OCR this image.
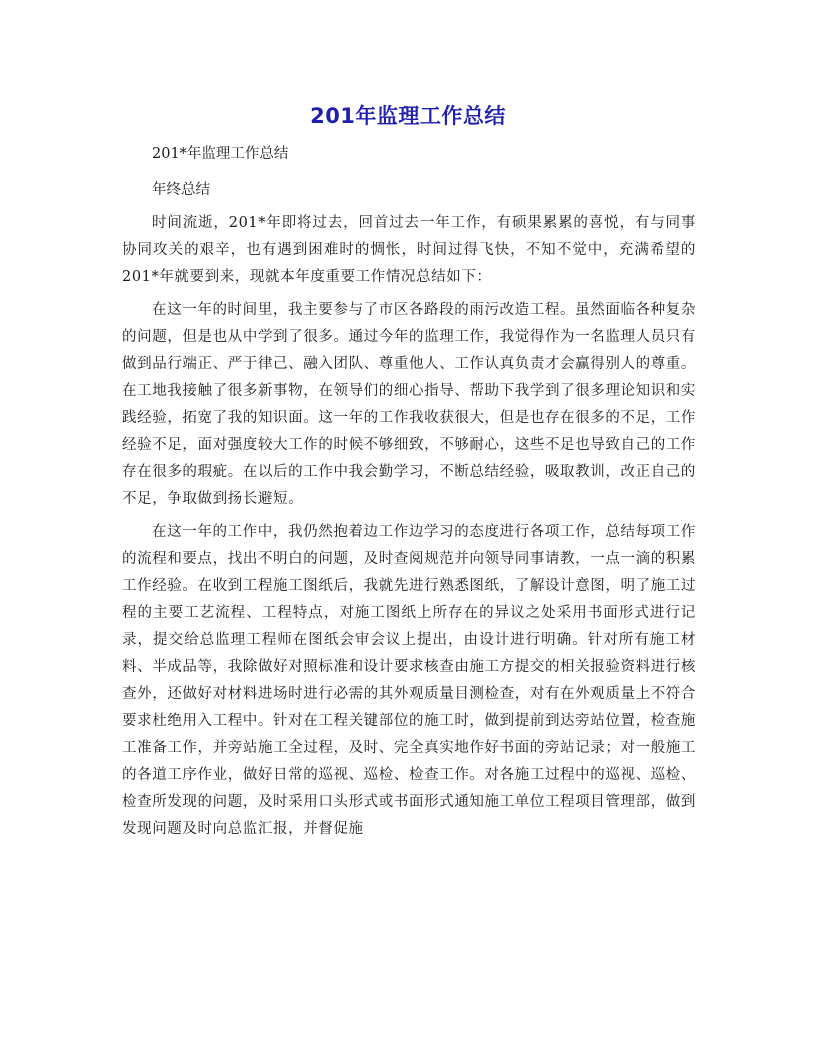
201年监理工作总结

201*年监理工作总结

年终总结

时间流逝，201*年即将过去，回首过去一年工作，有硕果累累的喜悦，有与同事协同攻关的艰辛，也有遇到困难时的惆怅，时间过得飞快，不知不觉中，充满希望的201*年就要到来，现就本年度重要工作情况总结如下：

在这一年的时间里，我主要参与了市区各路段的雨污改造工程。虽然面临各种复杂的问题，但是也从中学到了很多。通过今年的监理工作，我觉得作为一名监理人员只有做到品行端正、严于律己、融入团队、尊重他人、工作认真负责才会赢得别人的尊重。在工地我接触了很多新事物，在领导们的细心指导、帮助下我学到了很多理论知识和实践经验，拓宽了我的知识面。这一年的工作我收获很大，但是也存在很多的不足，工作经验不足，面对强度较大工作的时候不够细致，不够耐心，这些不足也导致自己的工作存在很多的瑕疵。在以后的工作中我会勤学习，不断总结经验，吸取教训，改正自己的不足，争取做到扬长避短。

在这一年的工作中，我仍然抱着边工作边学习的态度进行各项工作，总结每项工作的流程和要点，找出不明白的问题，及时查阅规范并向领导同事请教，一点一滴的积累工作经验。在收到工程施工图纸后，我就先进行熟悉图纸，了解设计意图，明了施工过程的主要工艺流程、工程特点，对施工图纸上所存在的异议之处采用书面形式进行记录，提交给总监理工程师在图纸会审会议上提出，由设计进行明确。针对所有施工材料、半成品等，我除做好对照标准和设计要求核查由施工方提交的相关报验资料进行核查外，还做好对材料进场时进行必需的其外观质量目测检查，对有在外观质量上不符合要求杜绝用入工程中。针对在工程关键部位的施工时，做到提前到达旁站位置，检查施工准备工作，并旁站施工全过程，及时、完全真实地作好书面的旁站记录；对一般施工的各道工序作业，做好日常的巡视、巡检、检查工作。对各施工过程中的巡视、巡检、检查所发现的问题，及时采用口头形式或书面形式通知施工单位工程项目管理部，做到发现问题及时向总监汇报，并督促施
